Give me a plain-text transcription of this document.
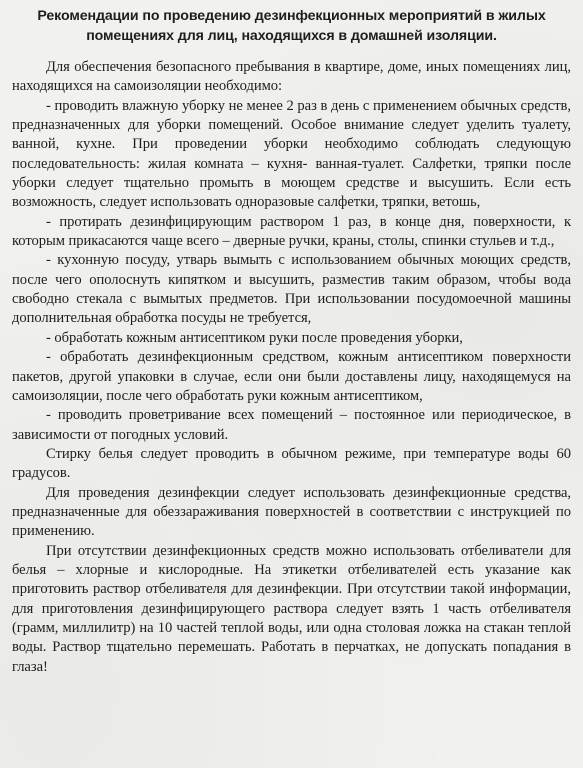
Рекомендации по проведению дезинфекционных мероприятий в жилых
помещениях для лиц, находящихся в домашней изоляции.

Для обеспечения безопасного пребывания в квартире, доме, иных помещениях лиц, находящихся на самоизоляции необходимо:

- проводить влажную уборку не менее 2 раз в день с применением обычных средств, предназначенных для уборки помещений. Особое внимание следует уделить туалету, ванной, кухне. При проведении уборки необходимо соблюдать следующую последовательность: жилая комната – кухня- ванная-туалет. Салфетки, тряпки после уборки следует тщательно промыть в моющем средстве и высушить. Если есть возможность, следует использовать одноразовые салфетки, тряпки, ветошь,

- протирать дезинфицирующим раствором 1 раз, в конце дня, поверхности, к которым прикасаются чаще всего – дверные ручки, краны, столы, спинки стульев и т.д.,

- кухонную посуду, утварь вымыть с использованием обычных моющих средств, после чего ополоснуть кипятком и высушить, разместив таким образом, чтобы вода свободно стекала с вымытых предметов. При использовании посудомоечной машины дополнительная обработка посуды не требуется,

- обработать кожным антисептиком руки после проведения уборки,

- обработать дезинфекционным средством, кожным антисептиком поверхности пакетов, другой упаковки в случае, если они были доставлены лицу, находящемуся на самоизоляции, после чего обработать руки кожным антисептиком,

- проводить проветривание всех помещений – постоянное или периодическое, в зависимости от погодных условий.

Стирку белья следует проводить в обычном режиме, при температуре воды 60 градусов.

Для проведения дезинфекции следует использовать дезинфекционные средства, предназначенные для обеззараживания поверхностей в соответствии с инструкцией по применению.

При отсутствии дезинфекционных средств можно использовать отбеливатели для белья – хлорные и кислородные. На этикетки отбеливателей есть указание как приготовить раствор отбеливателя для дезинфекции. При отсутствии такой информации, для приготовления дезинфицирующего раствора следует взять 1 часть отбеливателя (грамм, миллилитр) на 10 частей теплой воды, или одна столовая ложка на стакан теплой воды. Раствор тщательно перемешать. Работать в перчатках, не допускать попадания в глаза!
